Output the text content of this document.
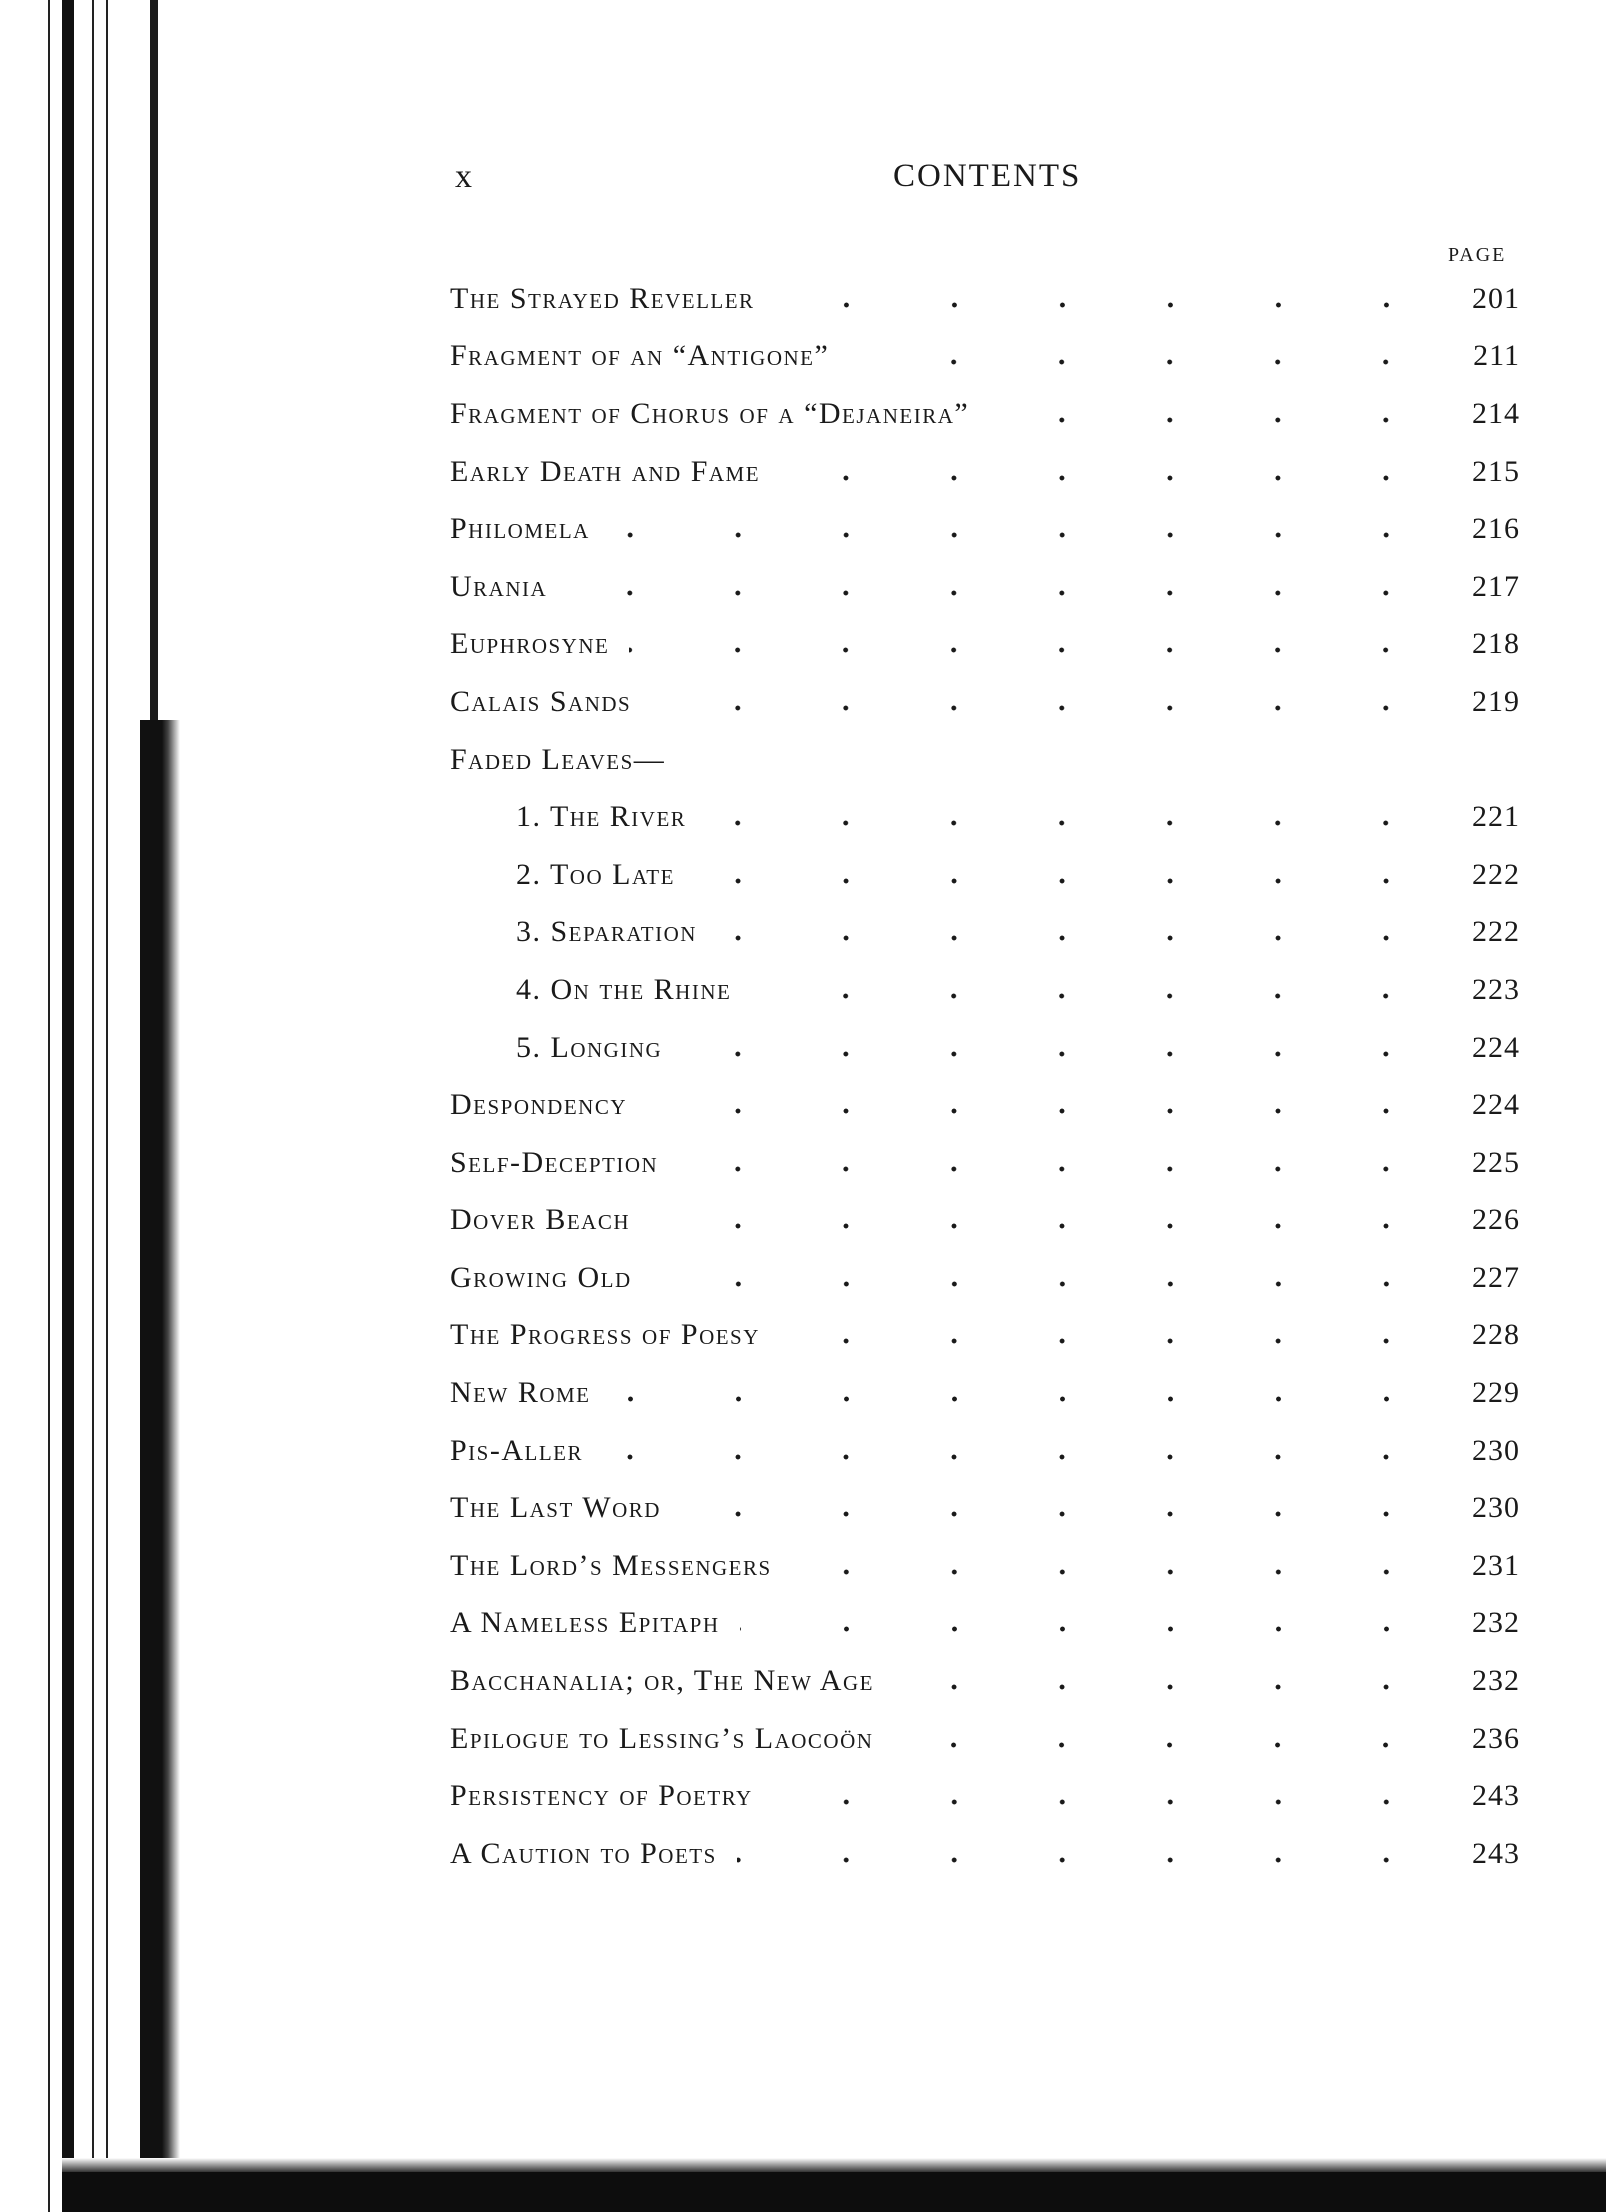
x	CONTENTS
PAGE
The Strayed Reveller	201
Fragment of an “Antigone”	211
Fragment of Chorus of a “Dejaneira”	214
Early Death and Fame	215
Philomela	216
Urania	217
Euphrosyne	218
Calais Sands	219
Faded Leaves—
1. The River	221
2. Too Late	222
3. Separation	222
4. On the Rhine	223
5. Longing	224
Despondency	224
Self-Deception	225
Dover Beach	226
Growing Old	227
The Progress of Poesy	228
New Rome	229
Pis-Aller	230
The Last Word	230
The Lord’s Messengers	231
A Nameless Epitaph	232
Bacchanalia; or, The New Age	232
Epilogue to Lessing’s Laocoön	236
Persistency of Poetry	243
A Caution to Poets	243
